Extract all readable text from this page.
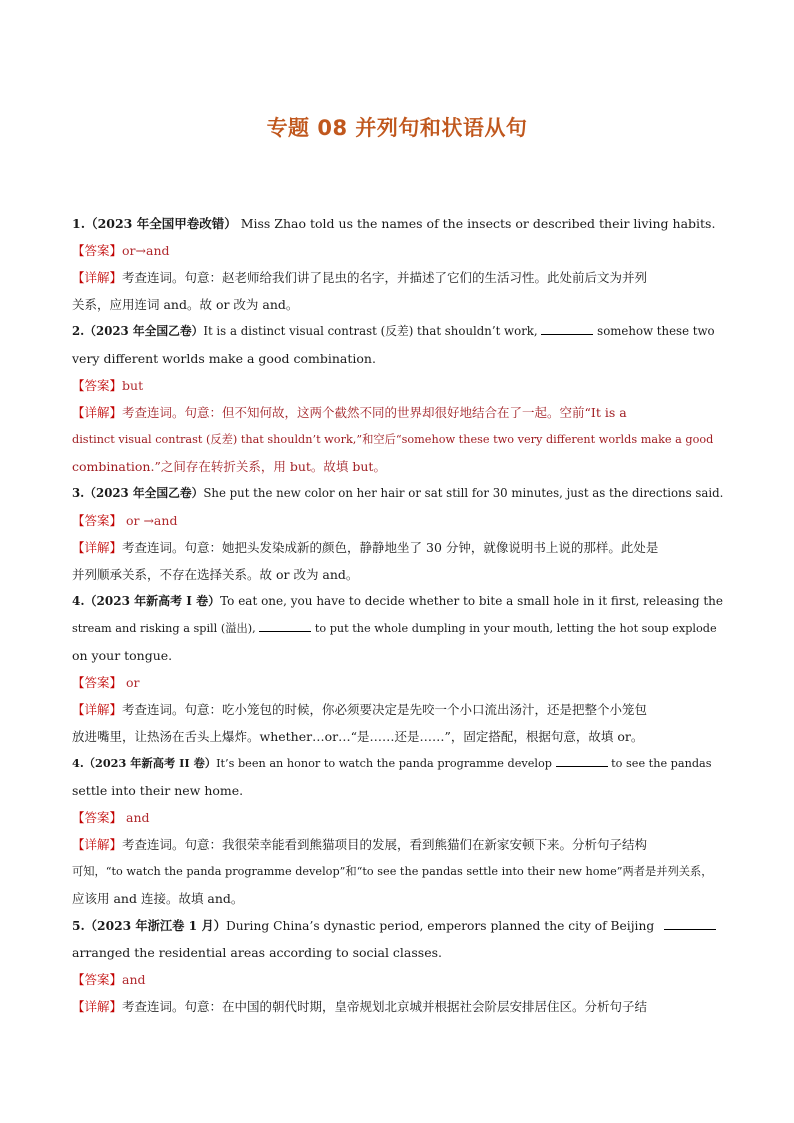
专题 08 并列句和状语从句
1.（2023 年全国甲卷改错） Miss Zhao told us the names of the insects or described their living habits.
【答案】or→and
【详解】考查连词。句意：赵老师给我们讲了昆虫的名字，并描述了它们的生活习性。此处前后文为并列
关系，应用连词 and。故 or 改为 and。
2.（2023 年全国乙卷）It is a distinct visual contrast (反差) that shouldn’t work,	somehow these two
very different worlds make a good combination.
【答案】but
【详解】考查连词。句意：但不知何故，这两个截然不同的世界却很好地结合在了一起。空前“It is a
distinct visual contrast (反差) that shouldn’t work,”和空后“somehow these two very different worlds make a good
combination.”之间存在转折关系，用 but。故填 but。
3.（2023 年全国乙卷）She put the new color on her hair or sat still for 30 minutes, just as the directions said.
【答案】 or →and
【详解】考查连词。句意：她把头发染成新的颜色，静静地坐了 30 分钟，就像说明书上说的那样。此处是
并列顺承关系，不存在选择关系。故 or 改为 and。
4.（2023 年新高考 I 卷）To eat one, you have to decide whether to bite a small hole in it first, releasing the
stream and risking a spill (溢出),	to put the whole dumpling in your mouth, letting the hot soup explode
on your tongue.
【答案】 or
【详解】考查连词。句意：吃小笼包的时候，你必须要决定是先咬一个小口流出汤汁，还是把整个小笼包
放进嘴里，让热汤在舌头上爆炸。whether…or…“是……还是……”，固定搭配，根据句意，故填 or。
4.（2023 年新高考 II 卷）It’s been an honor to watch the panda programme develop	to see the pandas
settle into their new home.
【答案】 and
【详解】考查连词。句意：我很荣幸能看到熊猫项目的发展，看到熊猫们在新家安顿下来。分析句子结构
可知，“to watch the panda programme develop”和“to see the pandas settle into their new home”两者是并列关系，
应该用 and 连接。故填 and。
5.（2023 年浙江卷 1 月）During China’s dynastic period, emperors planned the city of Beijing
arranged the residential areas according to social classes.
【答案】and
【详解】考查连词。句意：在中国的朝代时期，皇帝规划北京城并根据社会阶层安排居住区。分析句子结
